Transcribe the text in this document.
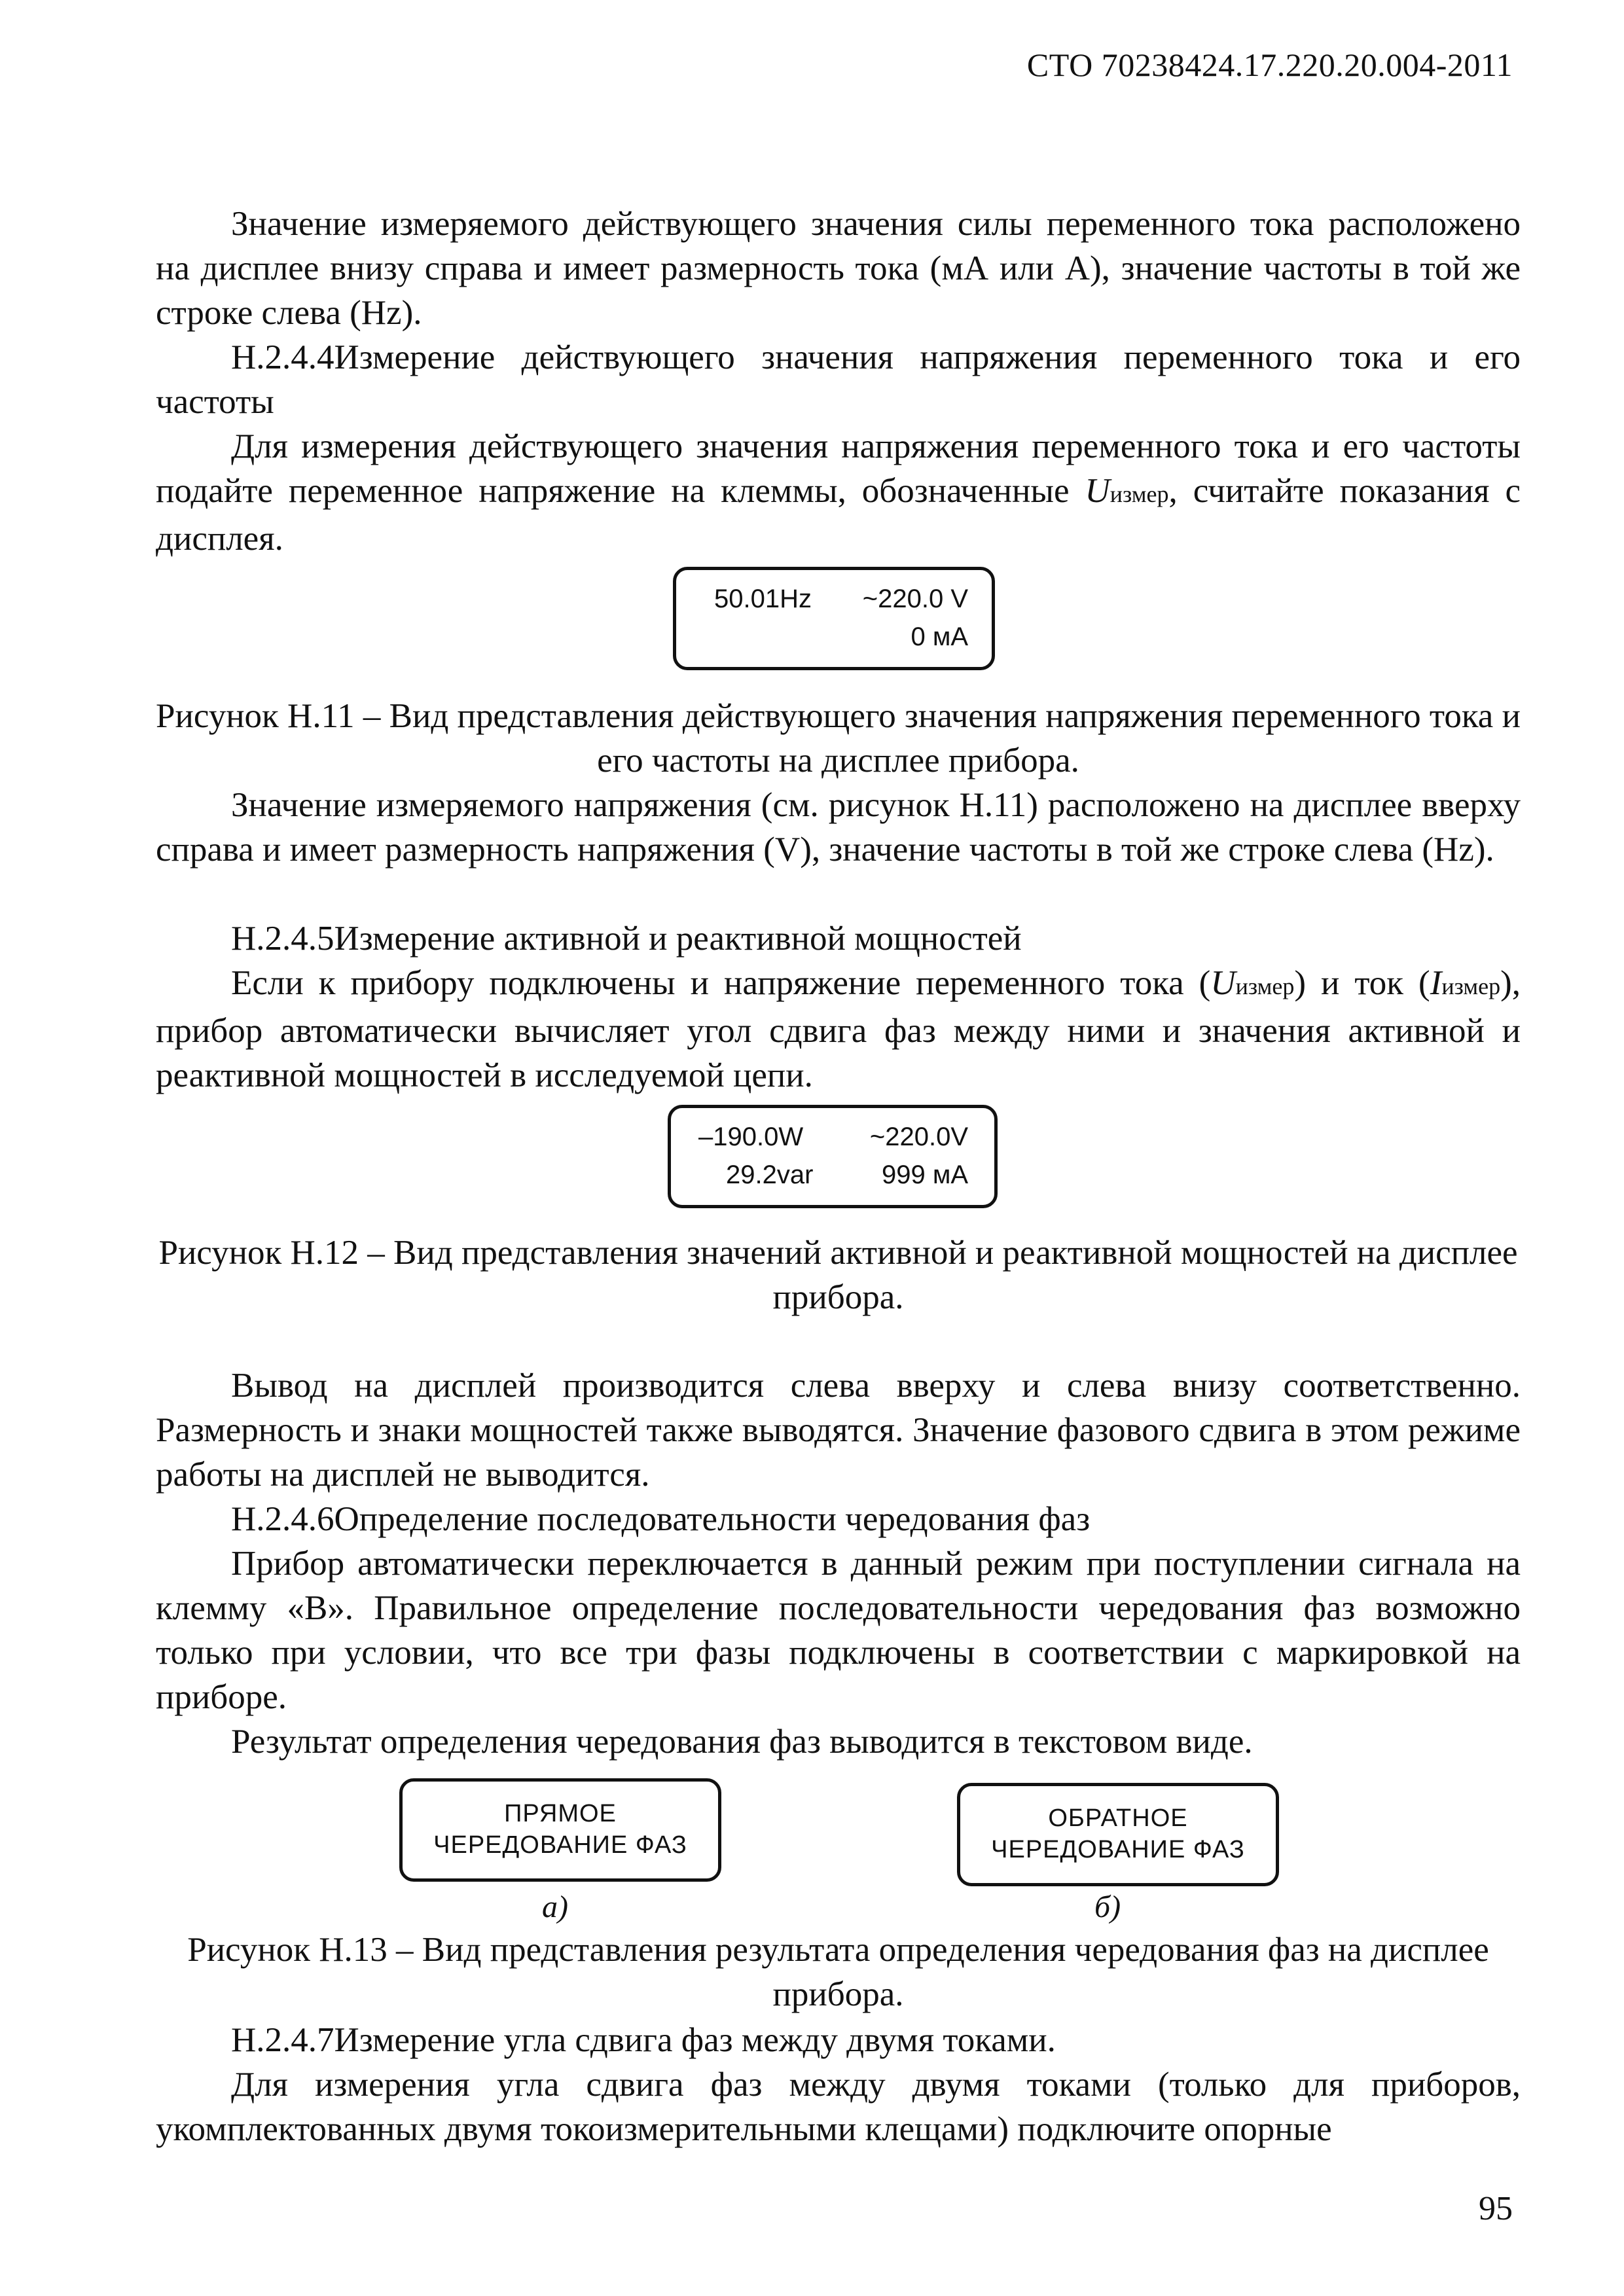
СТО 70238424.17.220.20.004-2011
Значение измеряемого действующего значения силы переменного тока расположено на дисплее внизу справа и имеет размерность тока (мА или А), значение частоты в той же строке слева (Hz).
Н.2.4.4Измерение действующего значения напряжения переменного тока и его частоты
Для измерения действующего значения напряжения переменного тока и его частоты подайте переменное напряжение на клеммы, обозначенные Uизмер, считайте показания с дисплея.
50.01Hz ~220.0 V
0 мА
Рисунок Н.11 – Вид представления действующего значения напряжения переменного тока и его частоты на дисплее прибора.
Значение измеряемого напряжения (см. рисунок Н.11) расположено на дисплее вверху справа и имеет размерность напряжения (V), значение частоты в той же строке слева (Hz).
Н.2.4.5Измерение активной и реактивной мощностей
Если к прибору подключены и напряжение переменного тока (Uизмер) и ток (Iизмер), прибор автоматически вычисляет угол сдвига фаз между ними и значения активной и реактивной мощностей в исследуемой цепи.
–190.0W	~220.0V
29.2var	999 мА
Рисунок Н.12 – Вид представления значений активной и реактивной мощностей на дисплее прибора.
Вывод на дисплей производится слева вверху и слева внизу соответственно. Размерность и знаки мощностей также выводятся. Значение фазового сдвига в этом режиме работы на дисплей не выводится.
Н.2.4.6Определение последовательности чередования фаз
Прибор автоматически переключается в данный режим при поступлении сигнала на клемму «В». Правильное определение последовательности чередования фаз возможно только при условии, что все три фазы подключены в соответствии с маркировкой на приборе.
Результат определения чередования фаз выводится в текстовом виде.
ПРЯМОЕ
ЧЕРЕДОВАНИЕ ФАЗ
а)
ОБРАТНОЕ
ЧЕРЕДОВАНИЕ ФАЗ
б)
Рисунок Н.13 – Вид представления результата определения чередования фаз на дисплее прибора.
Н.2.4.7Измерение угла сдвига фаз между двумя токами.
Для измерения угла сдвига фаз между двумя токами (только для приборов, укомплектованных двумя токоизмерительными клещами) подключите опорные
95
